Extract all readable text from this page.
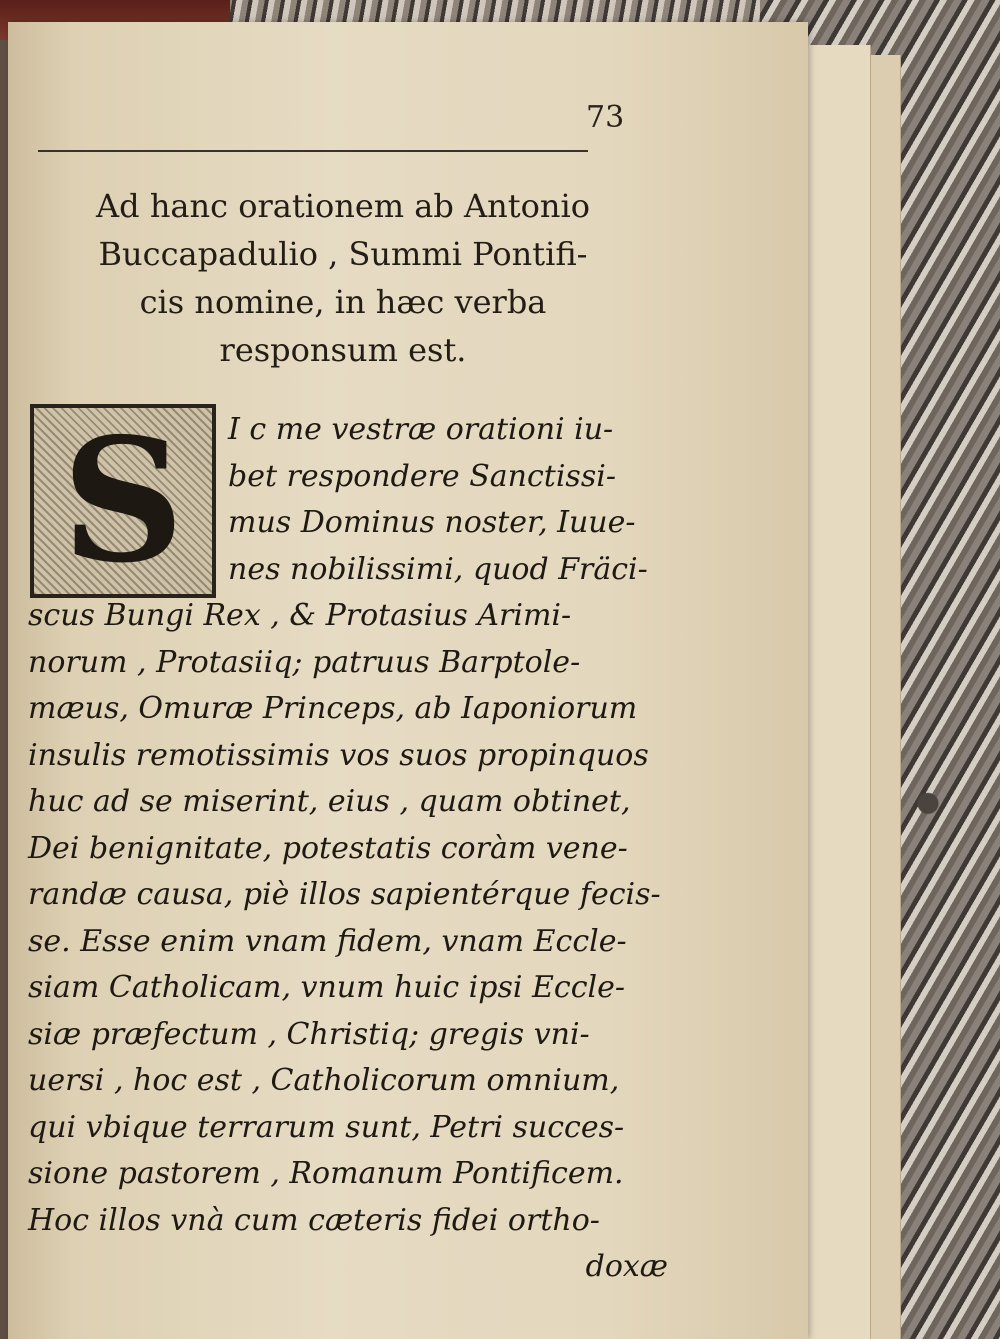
73
Ad hanc orationem ab Antonio
Buccapadulio , Summi Pontifi-
cis nomine, in hæc verba
responsum est.
S	I c me vestræ orationi iu-
bet respondere Sanctissi-
mus Dominus noster, Iuue-
nes nobilissimi, quod Fräci-
scus Bungi Rex , & Protasius Arimi-
norum , Protasiiq; patruus Barptole-
mæus, Omuræ Princeps, ab Iaponiorum
insulis remotissimis vos suos propinquos
huc ad se miserint, eius , quam obtinet,
Dei benignitate, potestatis coràm vene-
randæ causa, piè illos sapientérque fecis-
se. Esse enim vnam fidem, vnam Eccle-
siam Catholicam, vnum huic ipsi Eccle-
siæ præfectum , Christiq; gregis vni-
uersi , hoc est , Catholicorum omnium,
qui vbique terrarum sunt, Petri succes-
sione pastorem , Romanum Pontificem.
Hoc illos vnà cum cæteris fidei ortho-
doxæ
